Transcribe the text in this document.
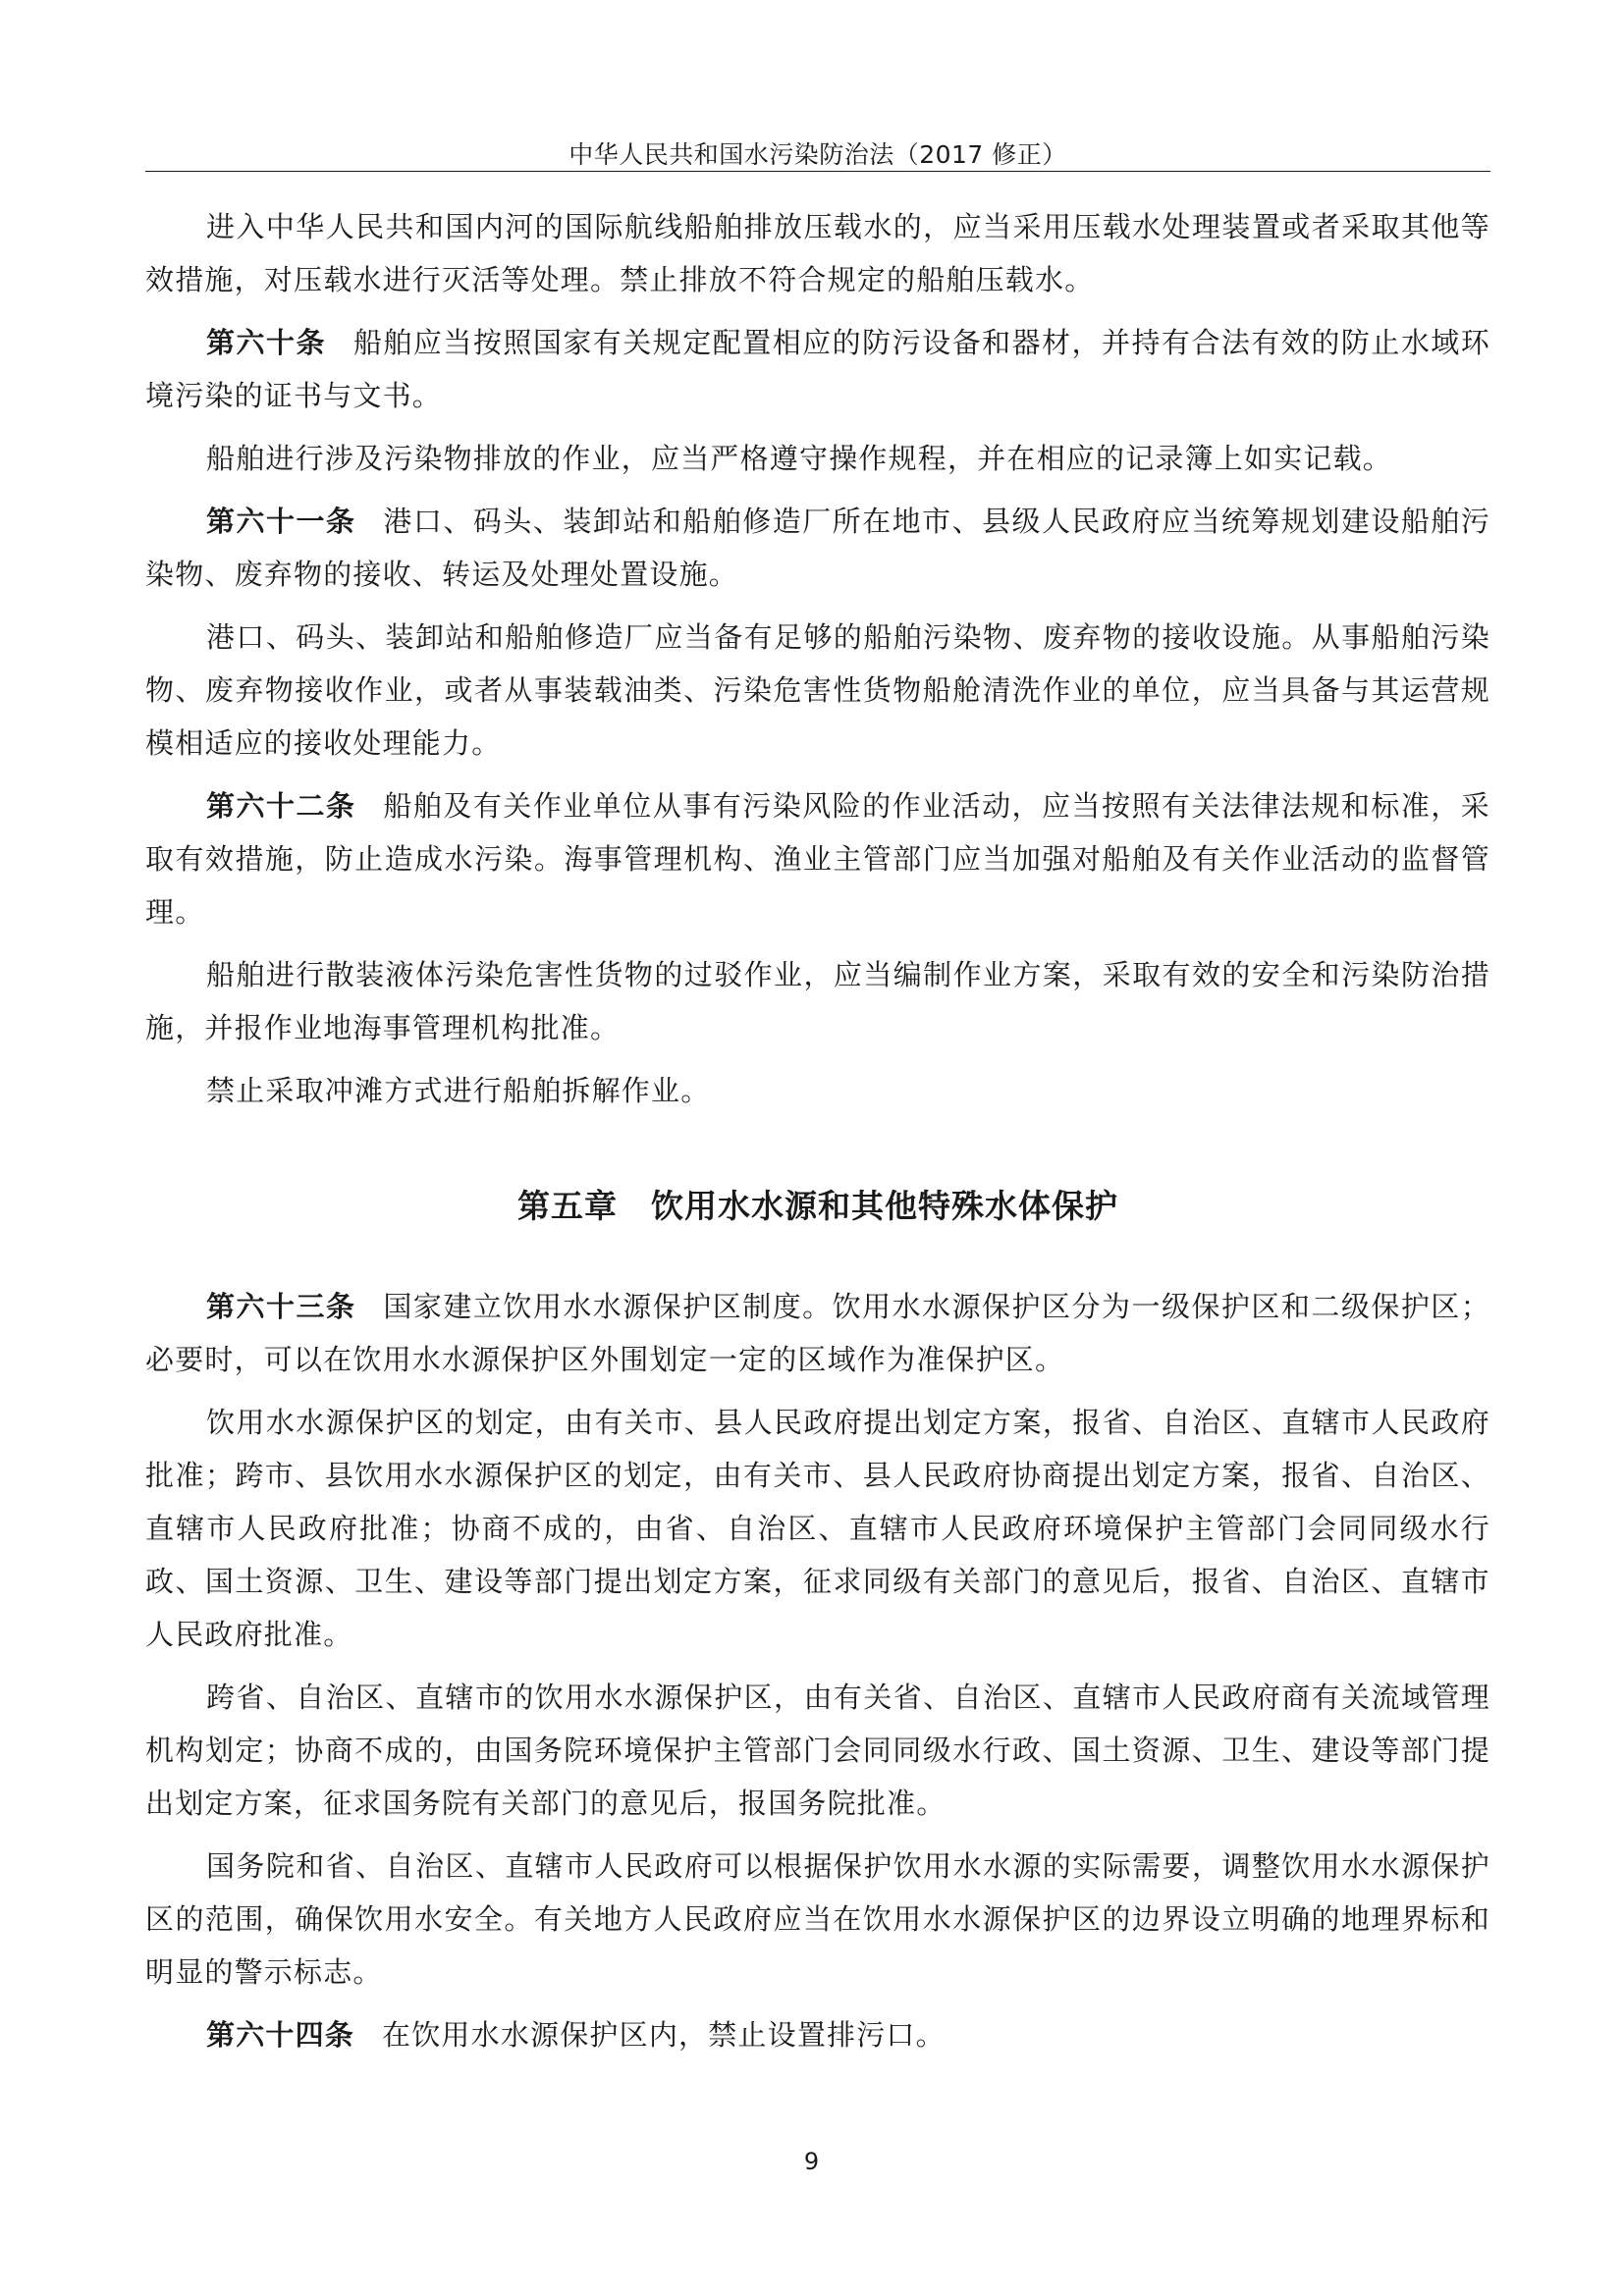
中华人民共和国水污染防治法（2017 修正）

进入中华人民共和国内河的国际航线船舶排放压载水的，应当采用压载水处理装置或者采取其他等效措施，对压载水进行灭活等处理。禁止排放不符合规定的船舶压载水。

第六十条 船舶应当按照国家有关规定配置相应的防污设备和器材，并持有合法有效的防止水域环境污染的证书与文书。

船舶进行涉及污染物排放的作业，应当严格遵守操作规程，并在相应的记录簿上如实记载。

第六十一条 港口、码头、装卸站和船舶修造厂所在地市、县级人民政府应当统筹规划建设船舶污染物、废弃物的接收、转运及处理处置设施。

港口、码头、装卸站和船舶修造厂应当备有足够的船舶污染物、废弃物的接收设施。从事船舶污染物、废弃物接收作业，或者从事装载油类、污染危害性货物船舱清洗作业的单位，应当具备与其运营规模相适应的接收处理能力。

第六十二条 船舶及有关作业单位从事有污染风险的作业活动，应当按照有关法律法规和标准，采取有效措施，防止造成水污染。海事管理机构、渔业主管部门应当加强对船舶及有关作业活动的监督管理。

船舶进行散装液体污染危害性货物的过驳作业，应当编制作业方案，采取有效的安全和污染防治措施，并报作业地海事管理机构批准。

禁止采取冲滩方式进行船舶拆解作业。

第五章 饮用水水源和其他特殊水体保护

第六十三条 国家建立饮用水水源保护区制度。饮用水水源保护区分为一级保护区和二级保护区；必要时，可以在饮用水水源保护区外围划定一定的区域作为准保护区。

饮用水水源保护区的划定，由有关市、县人民政府提出划定方案，报省、自治区、直辖市人民政府批准；跨市、县饮用水水源保护区的划定，由有关市、县人民政府协商提出划定方案，报省、自治区、直辖市人民政府批准；协商不成的，由省、自治区、直辖市人民政府环境保护主管部门会同同级水行政、国土资源、卫生、建设等部门提出划定方案，征求同级有关部门的意见后，报省、自治区、直辖市人民政府批准。

跨省、自治区、直辖市的饮用水水源保护区，由有关省、自治区、直辖市人民政府商有关流域管理机构划定；协商不成的，由国务院环境保护主管部门会同同级水行政、国土资源、卫生、建设等部门提出划定方案，征求国务院有关部门的意见后，报国务院批准。

国务院和省、自治区、直辖市人民政府可以根据保护饮用水水源的实际需要，调整饮用水水源保护区的范围，确保饮用水安全。有关地方人民政府应当在饮用水水源保护区的边界设立明确的地理界标和明显的警示标志。

第六十四条 在饮用水水源保护区内，禁止设置排污口。

9
